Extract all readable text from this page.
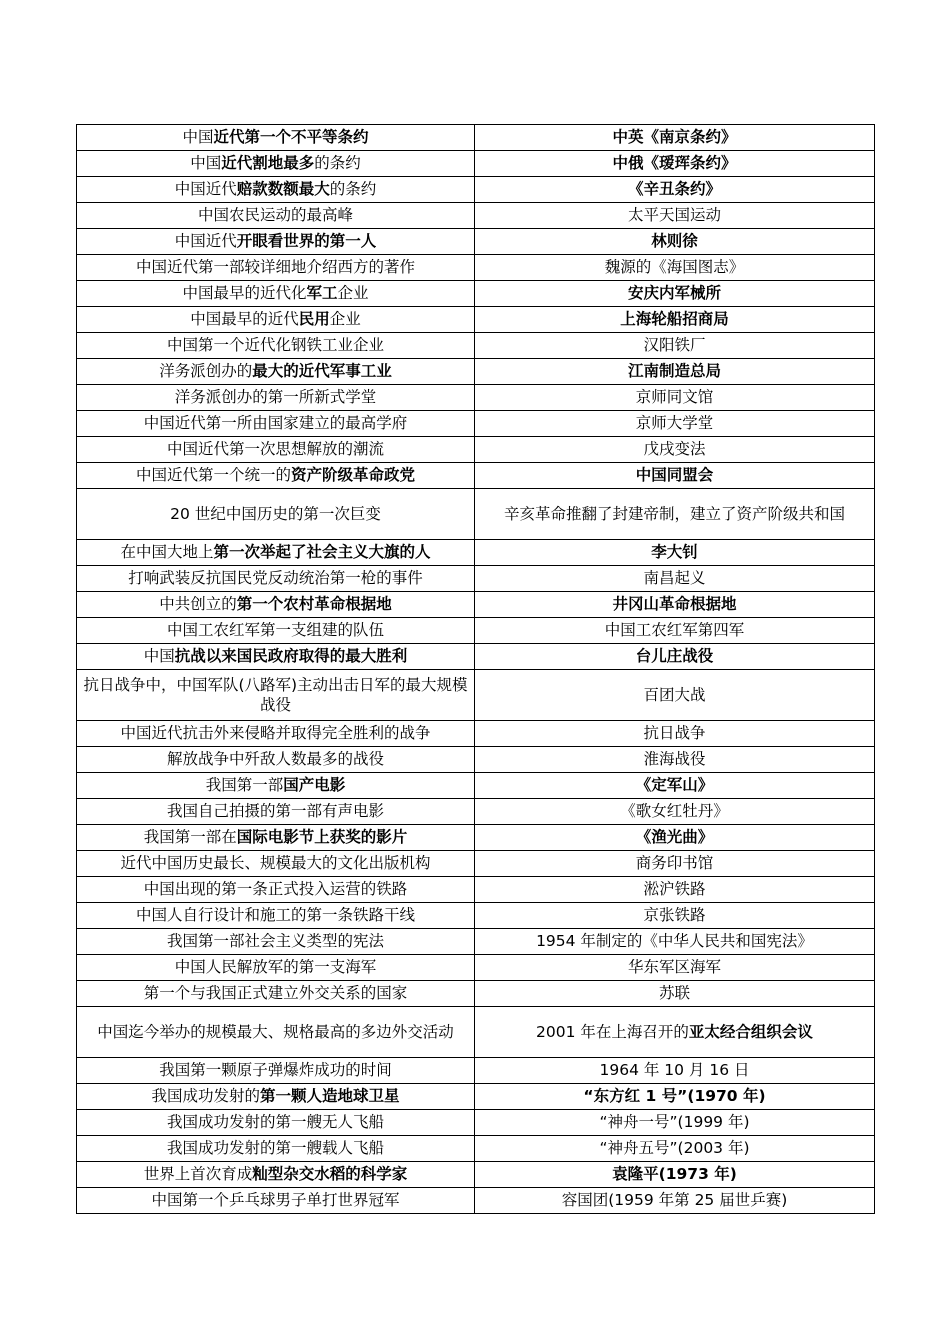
中国近代第一个不平等条约	中英《南京条约》
中国近代割地最多的条约	中俄《瑷珲条约》
中国近代赔款数额最大的条约	《辛丑条约》
中国农民运动的最高峰	太平天国运动
中国近代开眼看世界的第一人	林则徐
中国近代第一部较详细地介绍西方的著作	魏源的《海国图志》
中国最早的近代化军工企业	安庆内军械所
中国最早的近代民用企业	上海轮船招商局
中国第一个近代化钢铁工业企业	汉阳铁厂
洋务派创办的最大的近代军事工业	江南制造总局
洋务派创办的第一所新式学堂	京师同文馆
中国近代第一所由国家建立的最高学府	京师大学堂
中国近代第一次思想解放的潮流	戊戌变法
中国近代第一个统一的资产阶级革命政党	中国同盟会
20 世纪中国历史的第一次巨变	辛亥革命推翻了封建帝制，建立了资产阶级共和国
在中国大地上第一次举起了社会主义大旗的人	李大钊
打响武装反抗国民党反动统治第一枪的事件	南昌起义
中共创立的第一个农村革命根据地	井冈山革命根据地
中国工农红军第一支组建的队伍	中国工农红军第四军
中国抗战以来国民政府取得的最大胜利	台儿庄战役
抗日战争中，中国军队(八路军)主动出击日军的最大规模战役	百团大战
中国近代抗击外来侵略并取得完全胜利的战争	抗日战争
解放战争中歼敌人数最多的战役	淮海战役
我国第一部国产电影	《定军山》
我国自己拍摄的第一部有声电影	《歌女红牡丹》
我国第一部在国际电影节上获奖的影片	《渔光曲》
近代中国历史最长、规模最大的文化出版机构	商务印书馆
中国出现的第一条正式投入运营的铁路	淞沪铁路
中国人自行设计和施工的第一条铁路干线	京张铁路
我国第一部社会主义类型的宪法	1954 年制定的《中华人民共和国宪法》
中国人民解放军的第一支海军	华东军区海军
第一个与我国正式建立外交关系的国家	苏联
中国迄今举办的规模最大、规格最高的多边外交活动	2001 年在上海召开的亚太经合组织会议
我国第一颗原子弹爆炸成功的时间	1964 年 10 月 16 日
我国成功发射的第一颗人造地球卫星	“东方红 1 号”(1970 年)
我国成功发射的第一艘无人飞船	“神舟一号”(1999 年)
我国成功发射的第一艘载人飞船	“神舟五号”(2003 年)
世界上首次育成籼型杂交水稻的科学家	袁隆平(1973 年)
中国第一个乒乓球男子单打世界冠军	容国团(1959 年第 25 届世乒赛)
